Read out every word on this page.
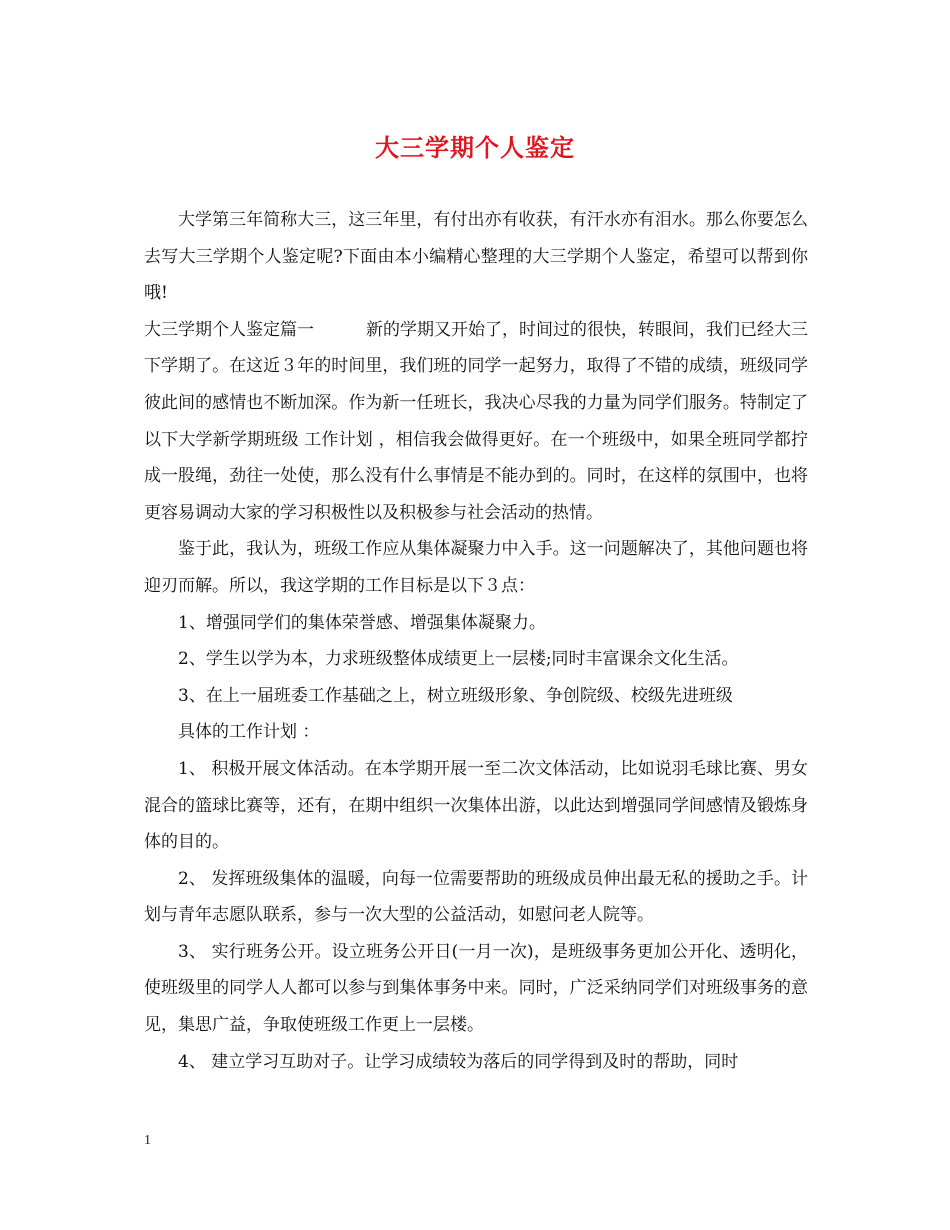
大三学期个人鉴定

大学第三年简称大三，这三年里，有付出亦有收获，有汗水亦有泪水。那么你要怎么去写大三学期个人鉴定呢?下面由本小编精心整理的大三学期个人鉴定，希望可以帮到你哦!

大三学期个人鉴定篇一	新的学期又开始了，时间过的很快，转眼间，我们已经大三下学期了。在这近３年的时间里，我们班的同学一起努力，取得了不错的成绩，班级同学彼此间的感情也不断加深。作为新一任班长，我决心尽我的力量为同学们服务。特制定了以下大学新学期班级 工作计划 ，相信我会做得更好。在一个班级中，如果全班同学都拧成一股绳，劲往一处使，那么没有什么事情是不能办到的。同时，在这样的氛围中，也将更容易调动大家的学习积极性以及积极参与社会活动的热情。

鉴于此，我认为，班级工作应从集体凝聚力中入手。这一问题解决了，其他问题也将迎刃而解。所以，我这学期的工作目标是以下３点：

1、增强同学们的集体荣誉感、增强集体凝聚力。

2、学生以学为本，力求班级整体成绩更上一层楼;同时丰富课余文化生活。

3、在上一届班委工作基础之上，树立班级形象、争创院级、校级先进班级

具体的工作计划 ：

1、 积极开展文体活动。在本学期开展一至二次文体活动，比如说羽毛球比赛、男女混合的篮球比赛等，还有，在期中组织一次集体出游，以此达到增强同学间感情及锻炼身体的目的。

2、 发挥班级集体的温暖，向每一位需要帮助的班级成员伸出最无私的援助之手。计划与青年志愿队联系，参与一次大型的公益活动，如慰问老人院等。

3、 实行班务公开。设立班务公开日(一月一次)，是班级事务更加公开化、透明化，使班级里的同学人人都可以参与到集体事务中来。同时，广泛采纳同学们对班级事务的意见，集思广益，争取使班级工作更上一层楼。

4、 建立学习互助对子。让学习成绩较为落后的同学得到及时的帮助，同时

1
